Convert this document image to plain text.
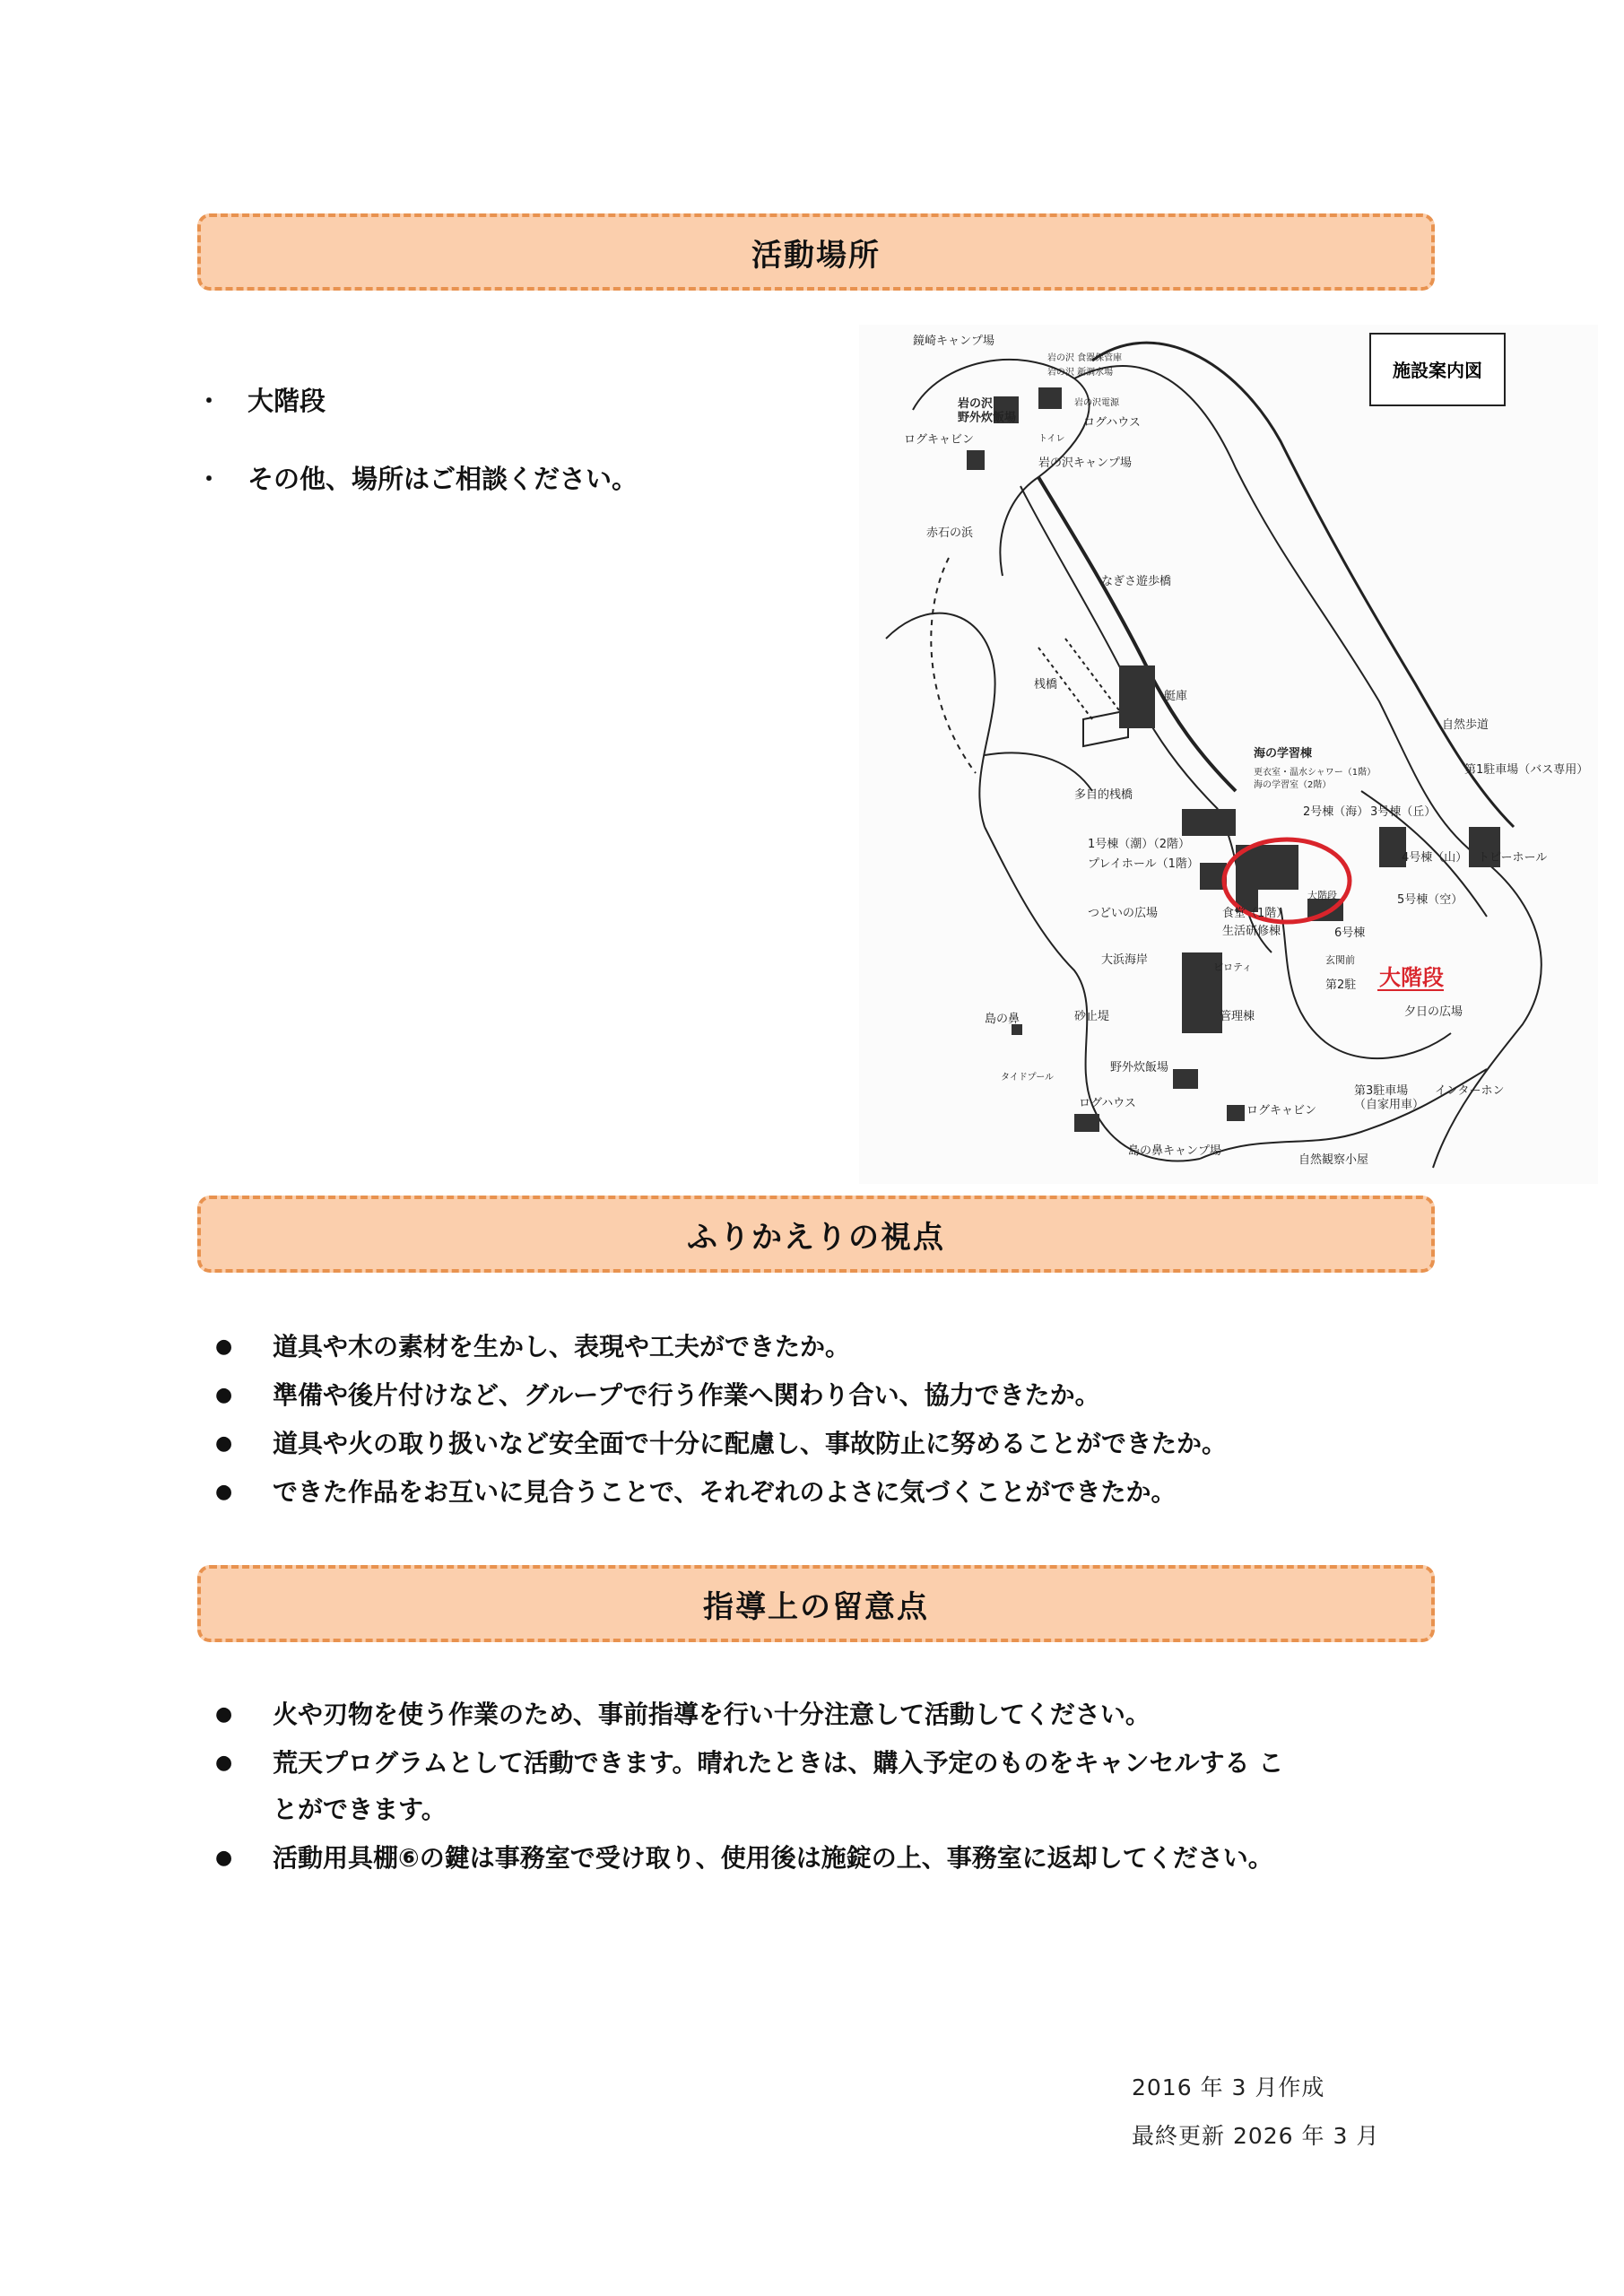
活動場所
・	大階段
・	その他、場所はご相談ください。
施設案内図
大階段
鏡崎キャンプ場
岩の沢野外炊飯場
岩の沢 食器保管庫
岩の沢 新調水場
岩の沢電源
ログキャビン	トイレ
ログハウス
岩の沢キャンプ場
赤石の浜
なぎさ遊歩橋
桟橋
艇庫
自然歩道
海の学習棟
更衣室・温水シャワー（1階）
海の学習室（2階）
第1駐車場（バス専用）
多目的桟橋
2号棟（海） 3号棟（丘）
1号棟（潮）（2階）
4号棟（山） トピーホール
プレイホール（1階）
大階段	5号棟（空）
つどいの広場	食堂（1階）
生活研修棟	6号棟
玄関前
大浜海岸
ピロティ
第2駐
管理棟
砂止堤
島の鼻
夕日の広場
野外炊飯場
タイドプール
ログハウス
ログキャビン
第3駐車場（自家用車）
インターホン
島の鼻キャンプ場
自然観察小屋
ふりかえりの視点
●	道具や木の素材を生かし、表現や工夫ができたか。
●	準備や後片付けなど、グループで行う作業へ関わり合い、協力できたか。
●	道具や火の取り扱いなど安全面で十分に配慮し、事故防止に努めることができたか。
●	できた作品をお互いに見合うことで、それぞれのよさに気づくことができたか。
指導上の留意点
●	火や刃物を使う作業のため、事前指導を行い十分注意して活動してください。
●	荒天プログラムとして活動できます。晴れたときは、購入予定のものをキャンセルする ことができます。
●	活動用具棚⑥の鍵は事務室で受け取り、使用後は施錠の上、事務室に返却してください。
2016 年 3 月作成
最終更新 2026 年 3 月
